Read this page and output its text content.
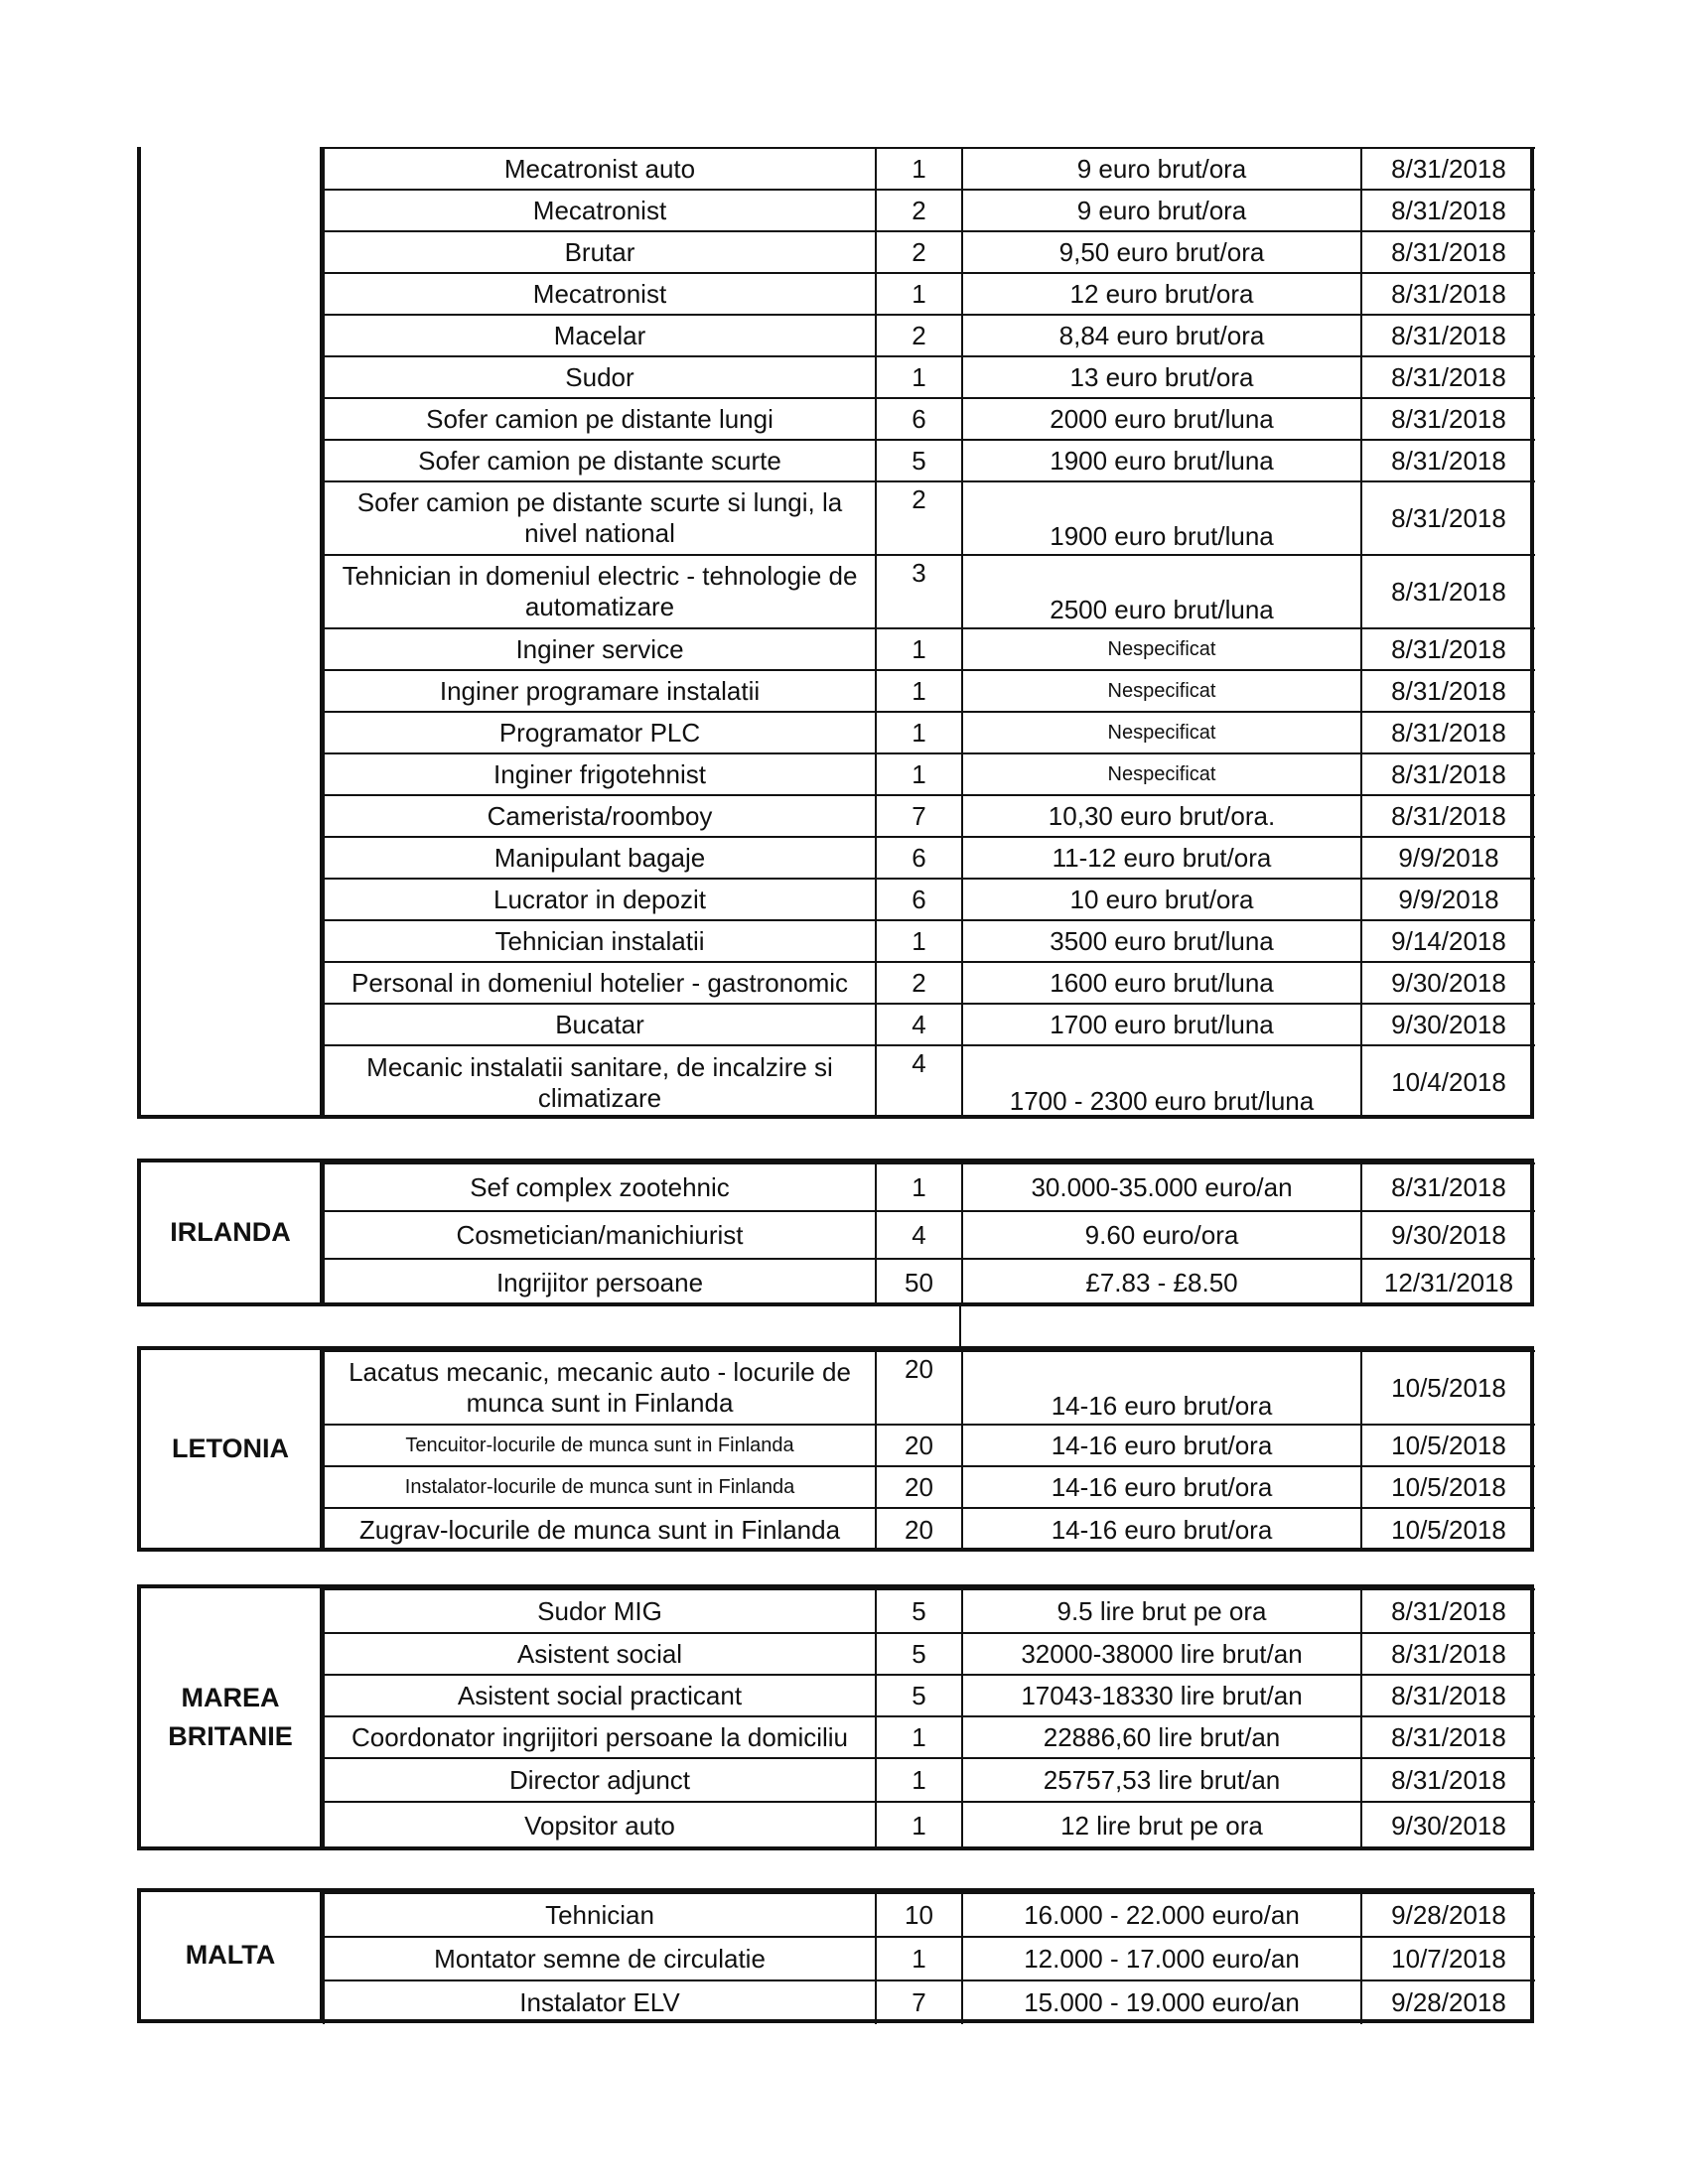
Mecatronist auto	1	9 euro brut/ora	8/31/2018
Mecatronist	2	9 euro brut/ora	8/31/2018
Brutar	2	9,50 euro brut/ora	8/31/2018
Mecatronist	1	12 euro brut/ora	8/31/2018
Macelar	2	8,84 euro brut/ora	8/31/2018
Sudor	1	13 euro brut/ora	8/31/2018
Sofer camion pe distante lungi	6	2000 euro brut/luna	8/31/2018
Sofer camion pe distante scurte	5	1900 euro brut/luna	8/31/2018
Sofer camion pe distante scurte si lungi, la nivel national	2	1900 euro brut/luna	8/31/2018
Tehnician in domeniul electric - tehnologie de automatizare	3	2500 euro brut/luna	8/31/2018
Inginer service	1	Nespecificat	8/31/2018
Inginer programare instalatii	1	Nespecificat	8/31/2018
Programator PLC	1	Nespecificat	8/31/2018
Inginer frigotehnist	1	Nespecificat	8/31/2018
Camerista/roomboy	7	10,30 euro brut/ora.	8/31/2018
Manipulant bagaje	6	11-12 euro brut/ora	9/9/2018
Lucrator in depozit	6	10 euro brut/ora	9/9/2018
Tehnician instalatii	1	3500 euro brut/luna	9/14/2018
Personal in domeniul hotelier - gastronomic	2	1600 euro brut/luna	9/30/2018
Bucatar	4	1700 euro brut/luna	9/30/2018
Mecanic instalatii sanitare, de incalzire si climatizare	4	1700 - 2300 euro brut/luna	10/4/2018
IRLANDA
Sef complex zootehnic	1	30.000-35.000 euro/an	8/31/2018
Cosmetician/manichiurist	4	9.60 euro/ora	9/30/2018
Ingrijitor persoane	50	£7.83 - £8.50	12/31/2018
LETONIA
Lacatus mecanic, mecanic auto - locurile de munca sunt in Finlanda	20	14-16 euro brut/ora	10/5/2018
Tencuitor-locurile de munca sunt in Finlanda	20	14-16 euro brut/ora	10/5/2018
Instalator-locurile de munca sunt in Finlanda	20	14-16 euro brut/ora	10/5/2018
Zugrav-locurile de munca sunt in Finlanda	20	14-16 euro brut/ora	10/5/2018
MAREA
BRITANIE
Sudor MIG	5	9.5 lire brut pe ora	8/31/2018
Asistent social	5	32000-38000 lire brut/an	8/31/2018
Asistent social practicant	5	17043-18330 lire brut/an	8/31/2018
Coordonator ingrijitori persoane la domiciliu	1	22886,60 lire brut/an	8/31/2018
Director adjunct	1	25757,53 lire brut/an	8/31/2018
Vopsitor auto	1	12 lire brut pe ora	9/30/2018
MALTA
Tehnician	10	16.000 - 22.000 euro/an	9/28/2018
Montator semne de circulatie	1	12.000 - 17.000 euro/an	10/7/2018
Instalator ELV	7	15.000 - 19.000 euro/an	9/28/2018
